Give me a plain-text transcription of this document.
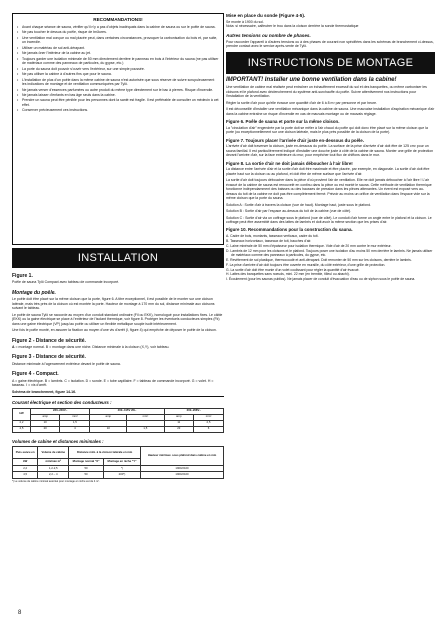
RECOMMANDATIONS!
• Avant chaque séance de sauna, vérifier qu'il n'y a pas d'objets inadéquats dans la cabine de sauna ou sur le poêle de sauna.
• Ne pas toucher le dessus du poêle, risque de brûlures.
• Une ventilation mal conçue ou mal placée peut, dans certaines circonstances, provoquer la carbonisation du bois et, par suite, un incendie.
• Utiliser un matériau de sol anti-dérapant.
• Ne jamais ôner l'intérieur de la cabine au jet.
• Toujours garder une isolation minimale de 50 mm directement derrière le panneau en bois à l'intérieur du sauna (ne pas utiliser de matériaux comme des panneaux de particules, du gypse, etc.)
• La porte du sauna doit pouvoir s'ouvrir vers l'extérieur, sur une simple poussée.
• Ne pas utiliser la cabine à d'autres fins que pour le sauna.
• L'installation de plus d'un poêle dans la même cabine de sauna n'est autorisée que sous réserve de suivre scrupuleusement les indications de montage et de ventilation communiquées par Tylö.
• Ne jamais verser d'essences parfumées ou autre produit du même type directement sur le bac à pierres. Risque d'incendie.
• Ne jamais laisser d'enfants en bas âge seuls dans la cabine.
• Prendre un sauna peut être pénible pour les personnes dont la santé est fragile. Il est préférable de consulter un médecin à cet effet.
• Conserver précieusement ces instructions.
INSTALLATION
Figure 1.

Poêle de sauna Tylö Compact avec tableau de commande incorporé.

Montage du poêle.

Le poêle doit être placé sur la même cloison que la porte, figure 6. A titre exceptionnel, il est possible de le monter sur une cloison latérale, mais très près de la cloison où est montée la porte. Hauteur de montage à 170 mm du sol, distance minimale aux cloisons suivant le tableau.

Le poêle de sauna Tylö se raccorde au moyen d'un conduit standard ordinaire (Fil ou EKK), homologué pour installations fixes. Le câble (EKK) ou la gaine électrique se place à l'extérieur de l'isolant thermique, voir figure 8. Protéger les éventuels conducteurs simples (Fk) dans une gaine électrique (VP) jusqu'au poêle ou utiliser un flexible métallique souple isolé intérieurement.

Une fois le poêle monté, en assurer la fixation au moyen d'une vis d'arrêt (I, figure 4) qui empêche de déposer le poêle de la cloison.

Figure 2 - Distance de sécurité.

A = montage normal. B = montage dans une niche. Distance minimale à la cloison (X,Y), voir tableau.

Figure 3 - Distance de sécurité.

Distance minimale à l'agencement extérieur devant le poêle de sauna.

Figure 4 - Compact.

A = gaine électrique. B = lambris. C = isolation. D = sonde. E = tube capillaire. F = tableau de commande incorporé. G = volet. H = tasseau. I = vis d'arrêt.

Schéma de branchement, figure 14-16.

Courant électrique et section des conducteurs :
kW	230–240V~		400–415V 2N~		200–208V~	
	amp	mm²	amp	mm²	amp	mm²
2,2	10	1,5			11	2,5
4,5	20	4	10	1,5	23	6
Volumes de cabine et distances minimales :
Puis-sance en	Volume de cabine	Distance mini. à la cloison latérale en mm		Hauteur min/max. sous plafond dans cabine en mm
kW	min/max m³	Montage normal "X"	Montage en niche "Y"	
2,2	1,2-2,5	50	*)	1900/2100
4,5	2,2 – 4	50	200*)	1900/2100
*) Le volume de cabine minimal autorisé pour montage en niche est de 4 m³.
Mise en place du sonde (Figure 4-5).

Se monte à 1900 du sol.

Nota: si nécessaire, calfeutrer le trou dans la cloison derrière la sonde thermostatique

Autres tensions ou nombre de phases.

Pour raccorder l'appareil à d'autres tensions ou à des phases de courant non spécifiées dans les schémas de branchement ci-dessus, prendre contact avec le service après-vente de Tylö.

INSTRUCTIONS DE MONTAGE
IMPORTANT! Installer une bonne ventilation dans la cabine!

Une ventilation de cabine mal réalisée peut entraîner un échauffement excessif du sol et des banquettes, ou même carboniser les cloisons et le plafond avec déclenchement du système anti-surchauffe du poêle. Suivre attentivement nos instructions pour l'installation de la ventilation.

Régler la sortie d'air pour qu'elle évacue une quantité d'air de 6 à 8 m³ par personne et par heure.

Il est déconseillé d'installer une ventilation mécanique dans la cabine de sauna. Une mauvaise installation d'aspiration mécanique d'air dans la cabine entraîne un risque d'incendie en cas de mauvais montage ou de mauvais réglage.

Figure 6. Poêle de sauna et porte sur la même cloison.

La "circulation d'air" engendrée par la porte doit se mêler à l'air chaud du poêle qui doit donc être placé sur la même cloison que la porte (ou exceptionnellement sur une cloison latérale, mais le plus près possible de la cloison de la porte).

Figure 7. Toujours placer l'arrivée d'air juste en-dessous du poêle.

L'arrivée d'air doit traverser la cloison, juste en-dessous du poêle. La surface de la prise d'arrivée d'air doit être de 125 cm² pour un sauna familial. Il est particulièrement indiqué d'installer une douche juste à côté de la cabine de sauna. Monter une grille de protection devant l'arrivée d'air, sur la face extérieure du mur, pour empêcher tout flux de chiffons dans le mur.

Figure 8. La sortie d'air ne doit jamais déboucher à l'air libre!

La distance entre l'arrivée d'air et la sortie d'air doit être maximale et être placée, par exemple, en diagonale. La sortie d'air doit être placée haut sur la cloison ou au plafond, et doit être de même surface que l'arrivée d'air.

La sortie d'air doit toujours déboucher dans la pièce d'où provient l'air de ventilation. Elle ne doit jamais déboucher à l'air libre ! L'air évacué de la cabine de sauna est renouvelé en continu dans la pièce ou est monté le sauna. Cette méthode de ventilation thermique fonctionne indépendamment des baisses ou des hausses de pression dans les pièces attenantes. Un évent est exposé vers au-dessus du toit de la cabine ne doit pas être complètement fermé. Prévoir au moins un orifice de ventilation dans l'espace vide sur la même cloison que la porte du sauna.

Solution A : Sortie d'air à travers la cloison (vue de haut). Montage haut, juste sous le plafond.

Solution B : Sortie d'air par l'espace au-dessus du toit de la cabine (vue de côté).

Solution C : Sortie d'air via un coffrage sous le plafond (vue de côté). Le conduit d'air forme un angle entre le plafond et la cloison. Le coffrage peut être assemblé dans des lattes de lambris et doit avoir la même section que les prises d'air.

Figure 10. Recommandations pour la construction du sauna.
A. Cadre de bois, montants, tasseaux verticaux, cadre du toit.
B. Tasseaux horizontaux, tasseaux de toit, bauches d'air.
C. Laine minérale de 50 mm d'épaisseur pour isolation thermique. Vide d'air de 20 mm contre le mur extérieur.
D. Lambris de 12 mm pour les cloisons et le plafond. Toujours poser une isolation d'au moins 50 mm derrière le lambris. Ne jamais utiliser de matériaux comme des panneaux à particules, du gypse, etc.
E. Revêtement de sol plastique, thermocoudé et anti-dérapant. Doit remonter de 50 mm sur les cloisons, derrière le lambris.
F. La prise d'arrivée d'air doit toujours être ouverte en muraille, du côté extérieur, d'une grille de protection.
G. La sortie d'air doit être munie d'un volet coulissant pour régler la quantité d'air évacué.
H. Lattes des banquettes sans noeuds, mini. 22 mm (en tremble, tilleul ou abachi).
I. Écoulement (pour les saunas publics). Ne jamais placer de conduit d'évacuation d'eau ou de siphon sous le poêle de sauna.
8
